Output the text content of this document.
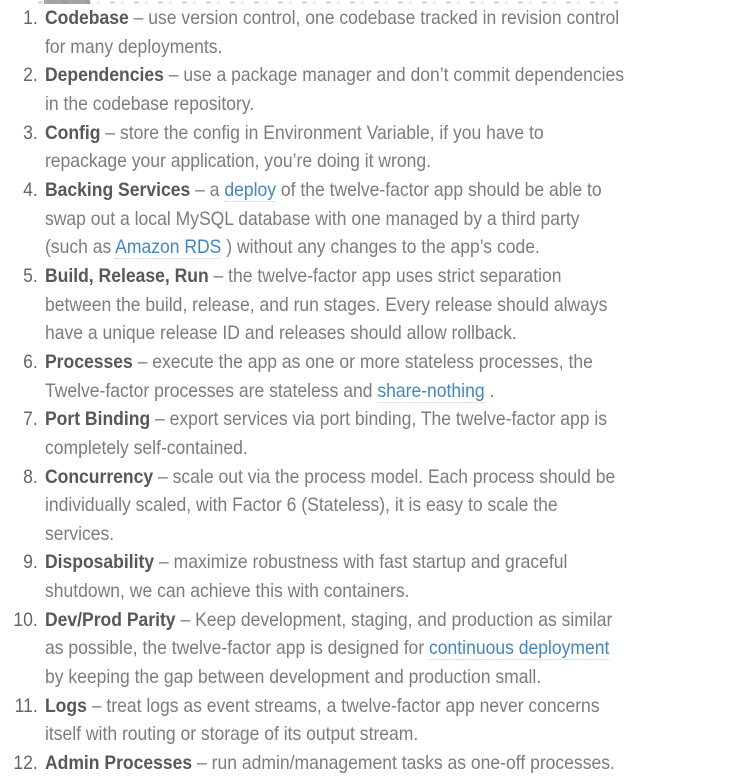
1. Codebase – use version control, one codebase tracked in revision control
for many deployments.
2. Dependencies – use a package manager and don’t commit dependencies
in the codebase repository.
3. Config – store the config in Environment Variable, if you have to
repackage your application, you’re doing it wrong.
4. Backing Services – a deploy of the twelve-factor app should be able to
swap out a local MySQL database with one managed by a third party
(such as Amazon RDS ) without any changes to the app’s code.
5. Build, Release, Run – the twelve-factor app uses strict separation
between the build, release, and run stages. Every release should always
have a unique release ID and releases should allow rollback.
6. Processes – execute the app as one or more stateless processes, the
Twelve-factor processes are stateless and share-nothing .
7. Port Binding – export services via port binding, The twelve-factor app is
completely self-contained.
8. Concurrency – scale out via the process model. Each process should be
individually scaled, with Factor 6 (Stateless), it is easy to scale the
services.
9. Disposability – maximize robustness with fast startup and graceful
shutdown, we can achieve this with containers.
10. Dev/Prod Parity – Keep development, staging, and production as similar
as possible, the twelve-factor app is designed for continuous deployment
by keeping the gap between development and production small.
11. Logs – treat logs as event streams, a twelve-factor app never concerns
itself with routing or storage of its output stream.
12. Admin Processes – run admin/management tasks as one-off processes.
